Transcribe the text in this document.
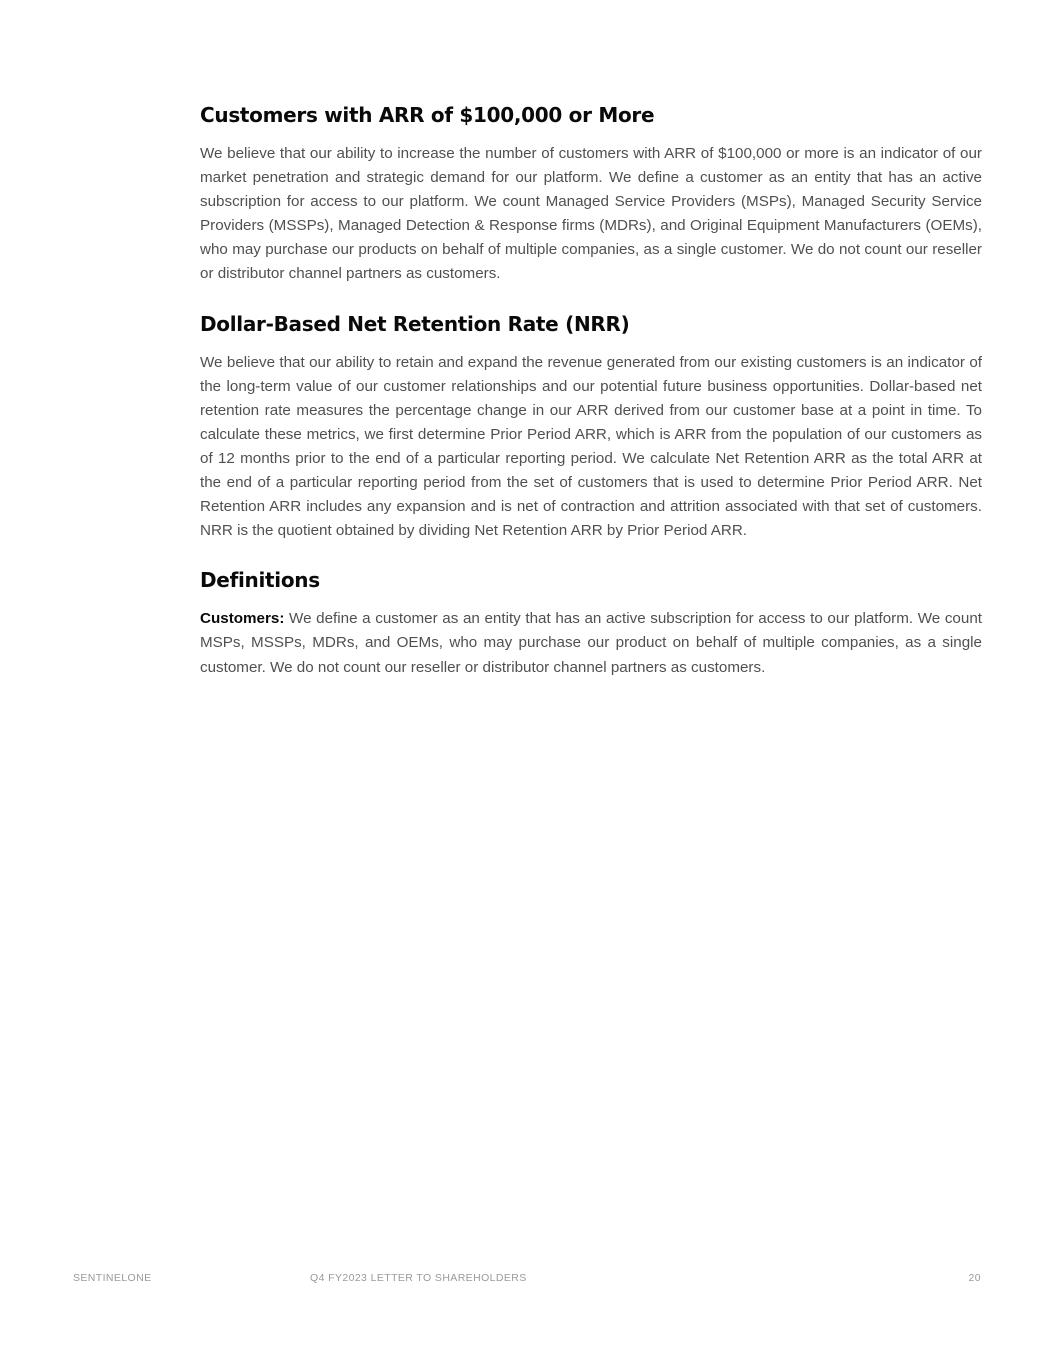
Customers with ARR of $100,000 or More

We believe that our ability to increase the number of customers with ARR of $100,000 or more is an indicator of our market penetration and strategic demand for our platform. We define a customer as an entity that has an active subscription for access to our platform. We count Managed Service Providers (MSPs), Managed Security Service Providers (MSSPs), Managed Detection & Response firms (MDRs), and Original Equipment Manufacturers (OEMs), who may purchase our products on behalf of multiple companies, as a single customer. We do not count our reseller or distributor channel partners as customers.

Dollar-Based Net Retention Rate (NRR)

We believe that our ability to retain and expand the revenue generated from our existing customers is an indicator of the long-term value of our customer relationships and our potential future business opportunities. Dollar-based net retention rate measures the percentage change in our ARR derived from our customer base at a point in time. To calculate these metrics, we first determine Prior Period ARR, which is ARR from the population of our customers as of 12 months prior to the end of a particular reporting period. We calculate Net Retention ARR as the total ARR at the end of a particular reporting period from the set of customers that is used to determine Prior Period ARR. Net Retention ARR includes any expansion and is net of contraction and attrition associated with that set of customers. NRR is the quotient obtained by dividing Net Retention ARR by Prior Period ARR.

Definitions

Customers: We define a customer as an entity that has an active subscription for access to our platform. We count MSPs, MSSPs, MDRs, and OEMs, who may purchase our product on behalf of multiple companies, as a single customer. We do not count our reseller or distributor channel partners as customers.

SENTINELONE	Q4 FY2023 LETTER TO SHAREHOLDERS	20
